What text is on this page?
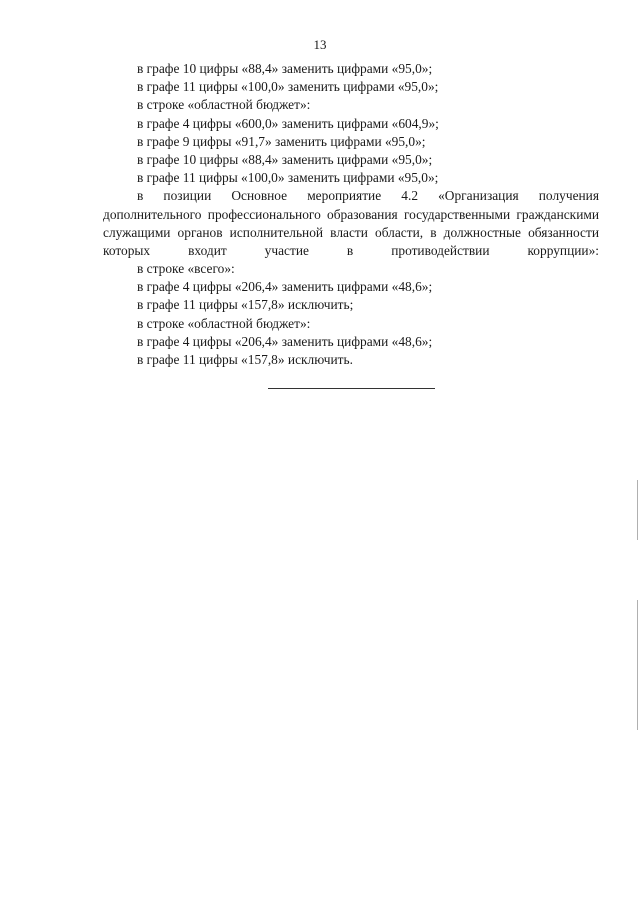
13
в графе 10 цифры «88,4» заменить цифрами «95,0»;
в графе 11 цифры «100,0» заменить цифрами «95,0»;
в строке «областной бюджет»:
в графе 4 цифры «600,0» заменить цифрами «604,9»;
в графе 9 цифры «91,7» заменить цифрами «95,0»;
в графе 10 цифры «88,4» заменить цифрами «95,0»;
в графе 11 цифры «100,0» заменить цифрами «95,0»;

в позиции Основное мероприятие 4.2 «Организация получения дополнительного профессионального образования государственными гражданскими служащими органов исполнительной власти области, в должностные обязанности которых входит участие в противодействии коррупции»:

в строке «всего»:
в графе 4 цифры «206,4» заменить цифрами «48,6»;
в графе 11 цифры «157,8» исключить;
в строке «областной бюджет»:
в графе 4 цифры «206,4» заменить цифрами «48,6»;
в графе 11 цифры «157,8» исключить.
